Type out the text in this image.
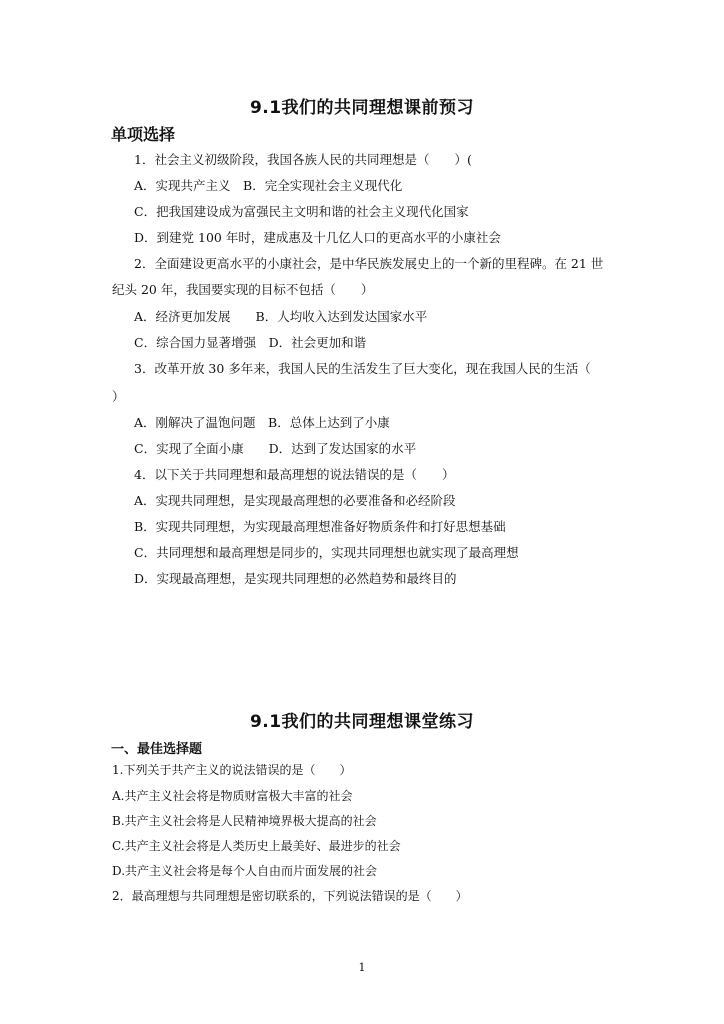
9.1我们的共同理想课前预习
单项选择
1．社会主义初级阶段，我国各族人民的共同理想是（　　）(
A．实现共产主义　B．完全实现社会主义现代化
C．把我国建设成为富强民主文明和谐的社会主义现代化国家
D．到建党 100 年时，建成惠及十几亿人口的更高水平的小康社会
2．全面建设更高水平的小康社会，是中华民族发展史上的一个新的里程碑。在 21 世
纪头 20 年，我国要实现的目标不包括（　　）
A．经济更加发展　　B．人均收入达到发达国家水平
C．综合国力显著增强　D．社会更加和谐
3．改革开放 30 多年来，我国人民的生活发生了巨大变化，现在我国人民的生活（
）
A．刚解决了温饱问题　B．总体上达到了小康
C．实现了全面小康　　D．达到了发达国家的水平
4．以下关于共同理想和最高理想的说法错误的是（　　）
A．实现共同理想，是实现最高理想的必要准备和必经阶段
B．实现共同理想，为实现最高理想准备好物质条件和打好思想基础
C．共同理想和最高理想是同步的，实现共同理想也就实现了最高理想
D．实现最高理想，是实现共同理想的必然趋势和最终目的
9.1我们的共同理想课堂练习
一、最佳选择题
1.下列关于共产主义的说法错误的是（　　）
A.共产主义社会将是物质财富极大丰富的社会
B.共产主义社会将是人民精神境界极大提高的社会
C.共产主义社会将是人类历史上最美好、最进步的社会
D.共产主义社会将是每个人自由而片面发展的社会
2．最高理想与共同理想是密切联系的，下列说法错误的是（　　）
1
